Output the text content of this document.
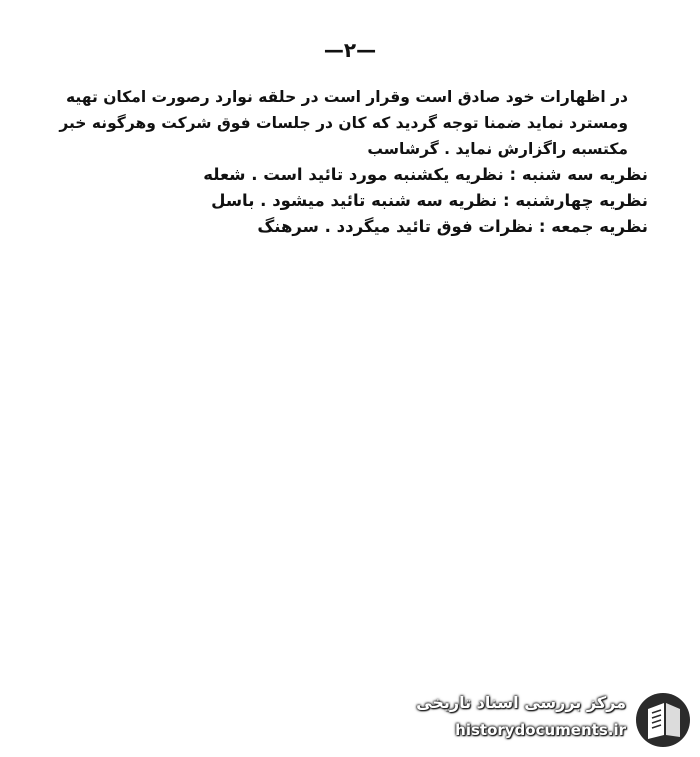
—۲—
در اظهارات خود صادق است وقرار است در حلقه نوارد رصورت امکان تهیه
ومسترد نماید ضمنا توجه گردید که کان در جلسات فوق شرکت وهرگونه خبر
مکتسبه راگزارش نماید . گرشاسب
نظریه سه شنبه : نظریه یکشنبه مورد تائید است . شعله
نظریه چهارشنبه : نظریه سه شنبه تائید میشود . باسل
نظریه جمعه : نظرات فوق تائید میگردد . سرهنگ
مرکز بررسی اسناد تاریخی
historydocuments.ir
